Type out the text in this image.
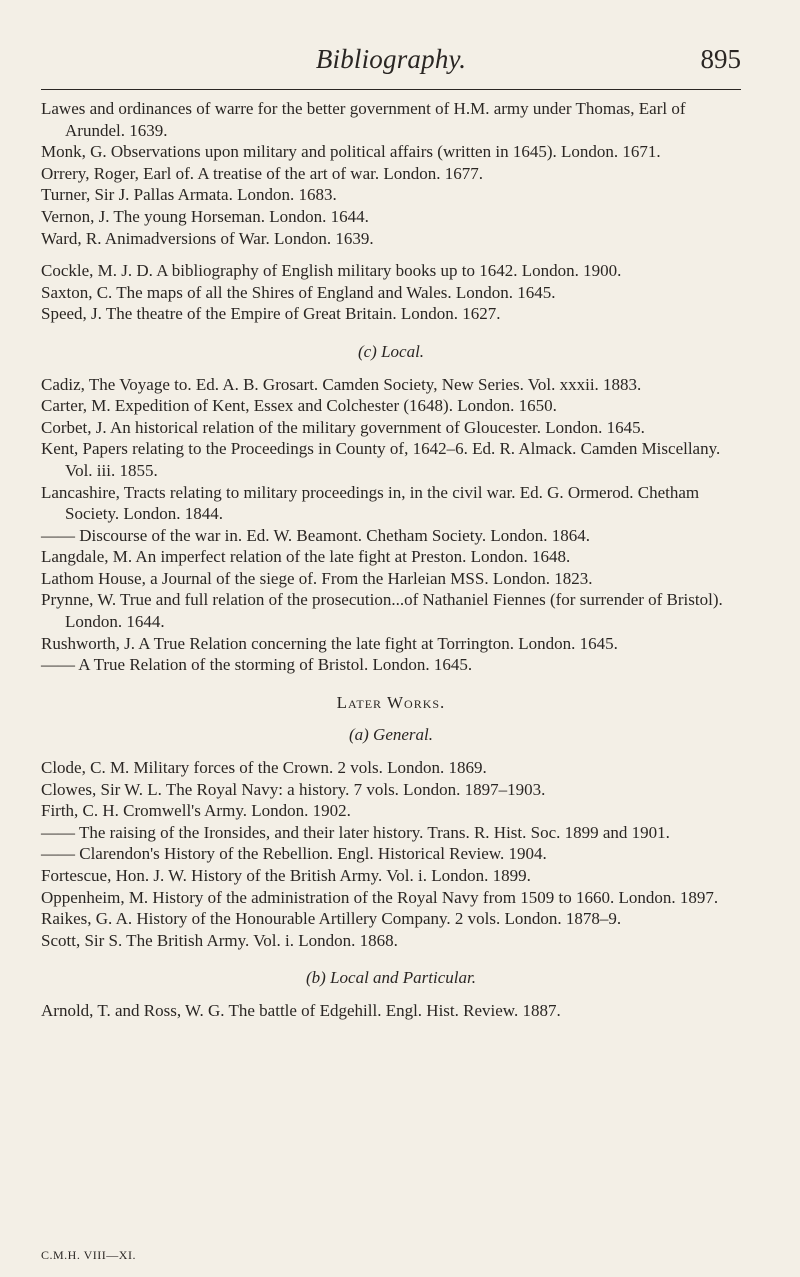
Bibliography.	895

Lawes and ordinances of warre for the better government of H.M. army under Thomas, Earl of Arundel. 1639.

Monk, G. Observations upon military and political affairs (written in 1645). London. 1671.

Orrery, Roger, Earl of. A treatise of the art of war. London. 1677.

Turner, Sir J. Pallas Armata. London. 1683.

Vernon, J. The young Horseman. London. 1644.

Ward, R. Animadversions of War. London. 1639.

Cockle, M. J. D. A bibliography of English military books up to 1642. London. 1900.

Saxton, C. The maps of all the Shires of England and Wales. London. 1645.

Speed, J. The theatre of the Empire of Great Britain. London. 1627.

(c) Local.

Cadiz, The Voyage to. Ed. A. B. Grosart. Camden Society, New Series. Vol. xxxii. 1883.

Carter, M. Expedition of Kent, Essex and Colchester (1648). London. 1650.

Corbet, J. An historical relation of the military government of Gloucester. London. 1645.

Kent, Papers relating to the Proceedings in County of, 1642–6. Ed. R. Almack. Camden Miscellany. Vol. iii. 1855.

Lancashire, Tracts relating to military proceedings in, in the civil war. Ed. G. Ormerod. Chetham Society. London. 1844.

—— Discourse of the war in. Ed. W. Beamont. Chetham Society. London. 1864.

Langdale, M. An imperfect relation of the late fight at Preston. London. 1648.

Lathom House, a Journal of the siege of. From the Harleian MSS. London. 1823.

Prynne, W. True and full relation of the prosecution...of Nathaniel Fiennes (for surrender of Bristol). London. 1644.

Rushworth, J. A True Relation concerning the late fight at Torrington. London. 1645.

—— A True Relation of the storming of Bristol. London. 1645.

Later Works.

(a) General.

Clode, C. M. Military forces of the Crown. 2 vols. London. 1869.

Clowes, Sir W. L. The Royal Navy: a history. 7 vols. London. 1897–1903.

Firth, C. H. Cromwell's Army. London. 1902.

—— The raising of the Ironsides, and their later history. Trans. R. Hist. Soc. 1899 and 1901.

—— Clarendon's History of the Rebellion. Engl. Historical Review. 1904.

Fortescue, Hon. J. W. History of the British Army. Vol. i. London. 1899.

Oppenheim, M. History of the administration of the Royal Navy from 1509 to 1660. London. 1897.

Raikes, G. A. History of the Honourable Artillery Company. 2 vols. London. 1878–9.

Scott, Sir S. The British Army. Vol. i. London. 1868.

(b) Local and Particular.

Arnold, T. and Ross, W. G. The battle of Edgehill. Engl. Hist. Review. 1887.

C.M.H. VIII—XI.
